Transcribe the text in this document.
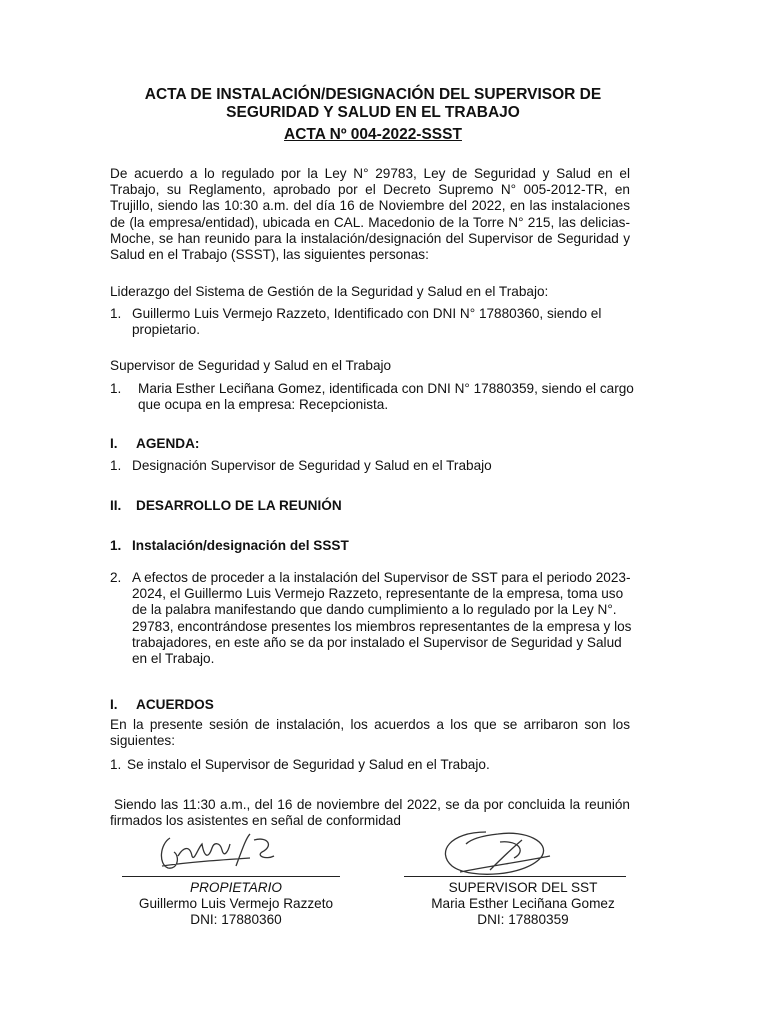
ACTA DE INSTALACIÓN/DESIGNACIÓN DEL SUPERVISOR DE
SEGURIDAD Y SALUD EN EL TRABAJO
ACTA Nº 004-2022-SSST
De acuerdo a lo regulado por la Ley N° 29783, Ley de Seguridad y Salud en el Trabajo, su Reglamento, aprobado por el Decreto Supremo N° 005-2012-TR, en Trujillo, siendo las 10:30 a.m. del día 16 de Noviembre del 2022, en las instalaciones de (la empresa/entidad), ubicada en CAL. Macedonio de la Torre N° 215, las delicias-Moche, se han reunido para la instalación/designación del Supervisor de Seguridad y Salud en el Trabajo (SSST), las siguientes personas:
Liderazgo del Sistema de Gestión de la Seguridad y Salud en el Trabajo:
1. Guillermo Luis Vermejo Razzeto, Identificado con DNI N° 17880360, siendo el
propietario.
Supervisor de Seguridad y Salud en el Trabajo
1. Maria Esther Leciñana Gomez, identificada con DNI N° 17880359, siendo el cargo
que ocupa en la empresa: Recepcionista.
I. AGENDA:
1. Designación Supervisor de Seguridad y Salud en el Trabajo
II. DESARROLLO DE LA REUNIÓN
1. Instalación/designación del SSST
2. A efectos de proceder a la instalación del Supervisor de SST para el periodo 2023-
2024, el Guillermo Luis Vermejo Razzeto, representante de la empresa, toma uso
de la palabra manifestando que dando cumplimiento a lo regulado por la Ley N°.
29783, encontrándose presentes los miembros representantes de la empresa y los
trabajadores, en este año se da por instalado el Supervisor de Seguridad y Salud
en el Trabajo.
I. ACUERDOS
En la presente sesión de instalación, los acuerdos a los que se arribaron son los siguientes:
1. Se instalo el Supervisor de Seguridad y Salud en el Trabajo.
Siendo las 11:30 a.m., del 16 de noviembre del 2022, se da por concluida la reunión firmados los asistentes en señal de conformidad
PROPIETARIO
Guillermo Luis Vermejo Razzeto
DNI: 17880360
SUPERVISOR DEL SST
Maria Esther Leciñana Gomez
DNI: 17880359
